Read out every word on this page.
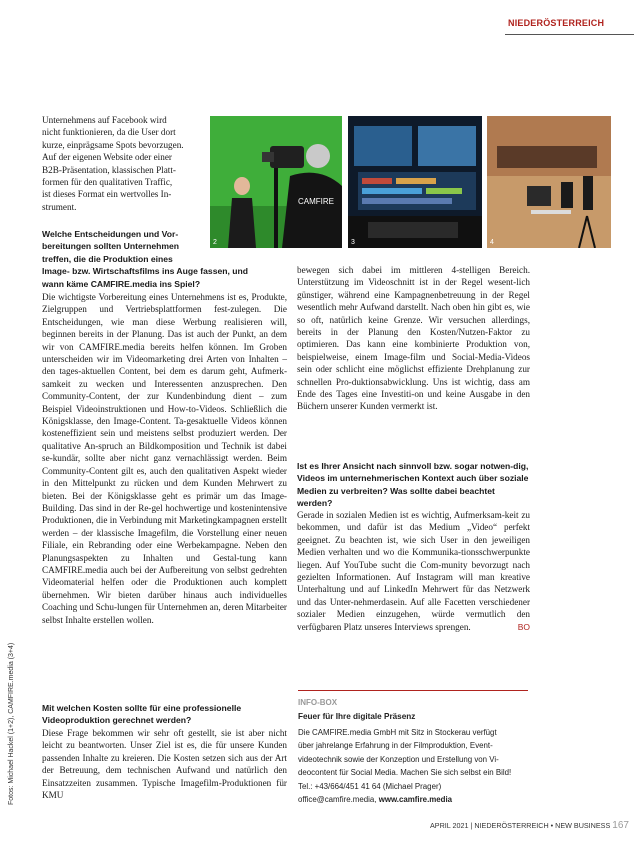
NIEDERÖSTERREICH
Fotos: Michael Hackel (1+2), CAMFIRE.media (3+4)
CAMFIRE
2	3	4
Unternehmens auf Facebook wird
nicht funktionieren, da die User dort
kurze, einprägsame Spots bevorzugen.
Auf der eigenen Website oder einer
B2B-Präsentation, klassischen Platt-
formen für den qualitativen Traffic,
ist dieses Format ein wertvolles In-
strument.
Welche Entscheidungen und Vor-
bereitungen sollten Unternehmen
treffen, die die Produktion eines
Image- bzw. Wirtschaftsfilms ins Auge fassen, und
wann käme CAMFIRE.media ins Spiel?

Die wichtigste Vorbereitung eines Unternehmens ist es, Produkte, Zielgruppen und Vertriebsplattformen fest-zulegen. Die Entscheidungen, wie man diese Werbung realisieren will, beginnen bereits in der Planung. Das ist auch der Punkt, an dem wir von CAMFIRE.media bereits helfen können. Im Groben unterscheiden wir im Videomarketing drei Arten von Inhalten – den tages-aktuellen Content, bei dem es darum geht, Aufmerk-samkeit zu wecken und Interessenten anzusprechen. Den Community-Content, der zur Kundenbindung dient – zum Beispiel Videoinstruktionen und How-to-Videos. Schließlich die Königsklasse, den Image-Content. Ta-gesaktuelle Videos können kosteneffizient sein und meistens selbst produziert werden. Der qualitative An-spruch an Bildkomposition und Technik ist dabei se-kundär, sollte aber nicht ganz vernachlässigt werden. Beim Community-Content gilt es, auch den qualitativen Aspekt wieder in den Mittelpunkt zu rücken und dem Kunden Mehrwert zu bieten. Bei der Königsklasse geht es primär um das Image-Building. Das sind in der Re-gel hochwertige und kostenintensive Produktionen, die in Verbindung mit Marketingkampagnen erstellt werden – der klassische Imagefilm, die Vorstellung einer neuen Filiale, ein Rebranding oder eine Werbekampagne. Neben den Planungsaspekten zu Inhalten und Gestal-tung kann CAMFIRE.media auch bei der Aufbereitung von selbst gedrehten Videomaterial helfen oder die Produktionen auch komplett übernehmen. Wir bieten darüber hinaus auch individuelles Coaching und Schu-lungen für Unternehmen an, deren Mitarbeiter selbst Inhalte erstellen wollen.

Mit welchen Kosten sollte für eine professionelle Videoproduktion gerechnet werden?

Diese Frage bekommen wir sehr oft gestellt, sie ist aber nicht leicht zu beantworten. Unser Ziel ist es, die für unsere Kunden passenden Inhalte zu kreieren. Die Kosten setzen sich aus der Art der Betreuung, dem technischen Aufwand und natürlich den Einsatzzeiten zusammen. Typische Imagefilm-Produktionen für KMU

bewegen sich dabei im mittleren 4-stelligen Bereich. Unterstützung im Videoschnitt ist in der Regel wesent-lich günstiger, während eine Kampagnenbetreuung in der Regel wesentlich mehr Aufwand darstellt. Nach oben hin gibt es, wie so oft, natürlich keine Grenze. Wir versuchen allerdings, bereits in der Planung den Kosten/Nutzen-Faktor zu optimieren. Das kann eine kombinierte Produktion von, beispielweise, einem Image-film und Social-Media-Videos sein oder schlicht eine möglichst effiziente Drehplanung zur schnellen Pro-duktionsabwicklung. Uns ist wichtig, dass am Ende des Tages eine Investiti-on und keine Ausgabe in den Büchern unserer Kunden vermerkt ist.

Ist es Ihrer Ansicht nach sinnvoll bzw. sogar notwen-dig, Videos im unternehmerischen Kontext auch über soziale Medien zu verbreiten? Was sollte dabei beachtet werden?

Gerade in sozialen Medien ist es wichtig, Aufmerksam-keit zu bekommen, und dafür ist das Medium „Video“ perfekt geeignet. Zu beachten ist, wie sich User in den jeweiligen Medien verhalten und wo die Kommunika-tionsschwerpunkte liegen. Auf YouTube sucht die Com-munity bevorzugt nach gezielten Informationen. Auf Instagram will man kreative Unterhaltung und auf LinkedIn Mehrwert für das Netzwerk und das Unter-nehmerdasein. Auf alle Facetten verschiedener sozialer Medien einzugehen, würde vermutlich den verfügbaren Platz unseres Interviews sprengen.	BO

INFO-BOX
Feuer für Ihre digitale Präsenz
Die CAMFIRE.media GmbH mit Sitz in Stockerau verfügt
über jahrelange Erfahrung in der Filmproduktion, Event-
videotechnik sowie der Konzeption und Erstellung von Vi-
deocontent für Social Media. Machen Sie sich selbst ein Bild!
Tel.: +43/664/451 41 64 (Michael Prager)
office@camfire.media, www.camfire.media
APRIL 2021 | NIEDERÖSTERREICH • NEW BUSINESS 167
